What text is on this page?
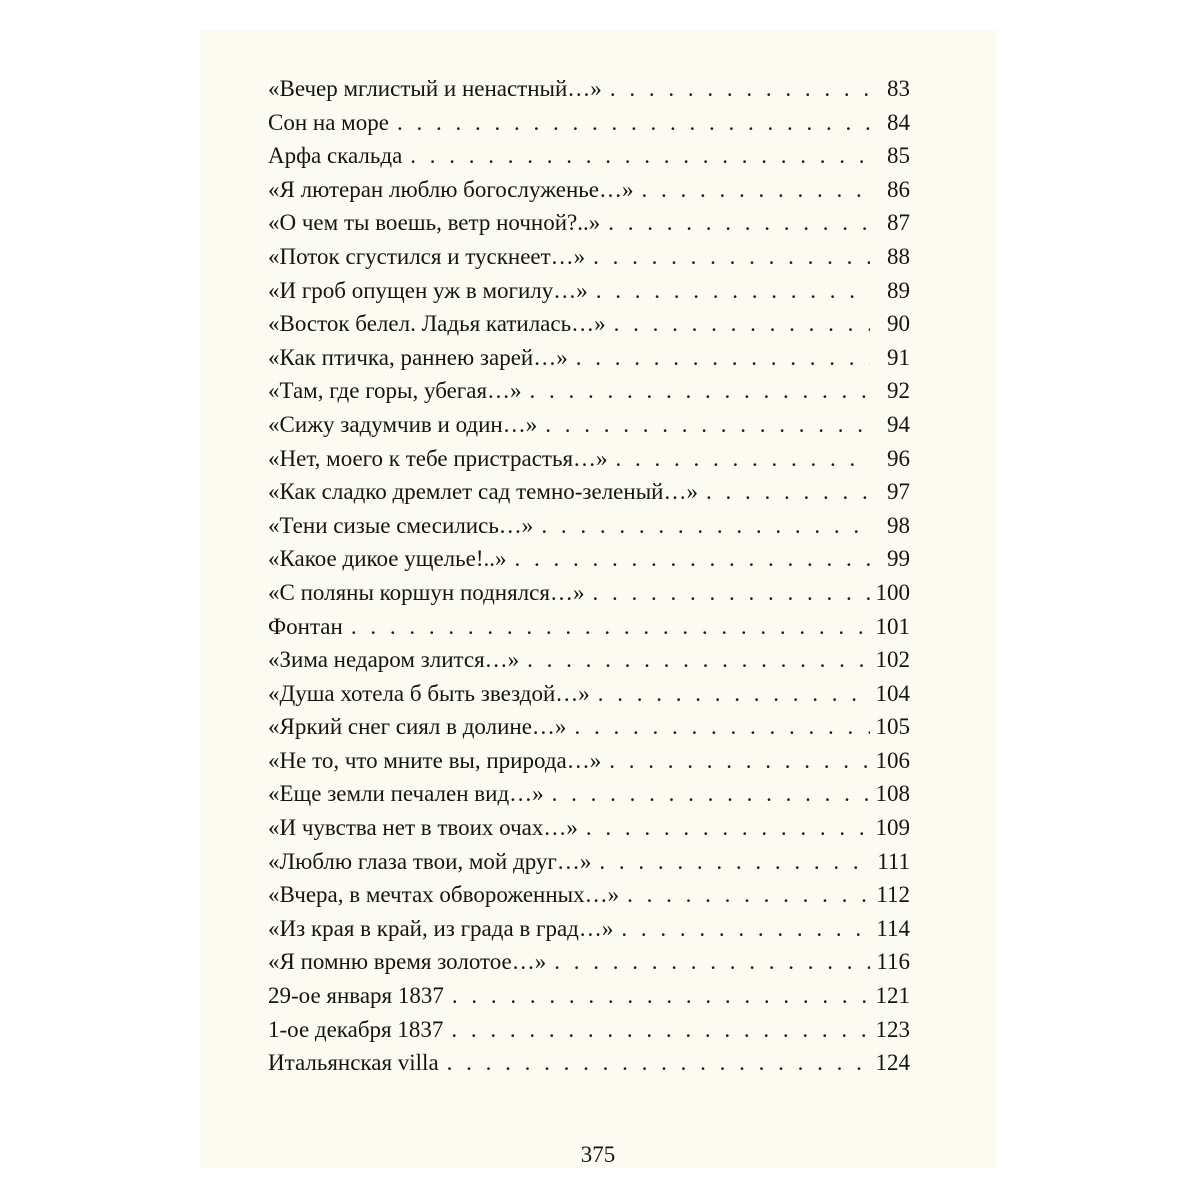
«Вечер мглистый и ненастный…» . . .	83
Сон на море . . .	84
Арфа скальда . . .	85
«Я лютеран люблю богослуженье…» . . .	86
«О чем ты воешь, ветр ночной?..» . . .	87
«Поток сгустился и тускнеет…» . . .	88
«И гроб опущен уж в могилу…» . . .	89
«Восток белел. Ладья катилась…» . . .	90
«Как птичка, раннею зарей…» . . .	91
«Там, где горы, убегая…» . . .	92
«Сижу задумчив и один…» . . .	94
«Нет, моего к тебе пристрастья…» . . .	96
«Как сладко дремлет сад темно-зеленый…» . . .	97
«Тени сизые смесились…» . . .	98
«Какое дикое ущелье!..» . . .	99
«С поляны коршун поднялся…» . . .	100
Фонтан . . .	101
«Зима недаром злится…» . . .	102
«Душа хотела б быть звездой…» . . .	104
«Яркий снег сиял в долине…» . . .	105
«Не то, что мните вы, природа…» . . .	106
«Еще земли печален вид…» . . .	108
«И чувства нет в твоих очах…» . . .	109
«Люблю глаза твои, мой друг…» . . .	111
«Вчера, в мечтах обвороженных…» . . .	112
«Из края в край, из града в град…» . . .	114
«Я помню время золотое…» . . .	116
29-ое января 1837 . . .	121
1-ое декабря 1837 . . .	123
Итальянская villa . . .	124
375
